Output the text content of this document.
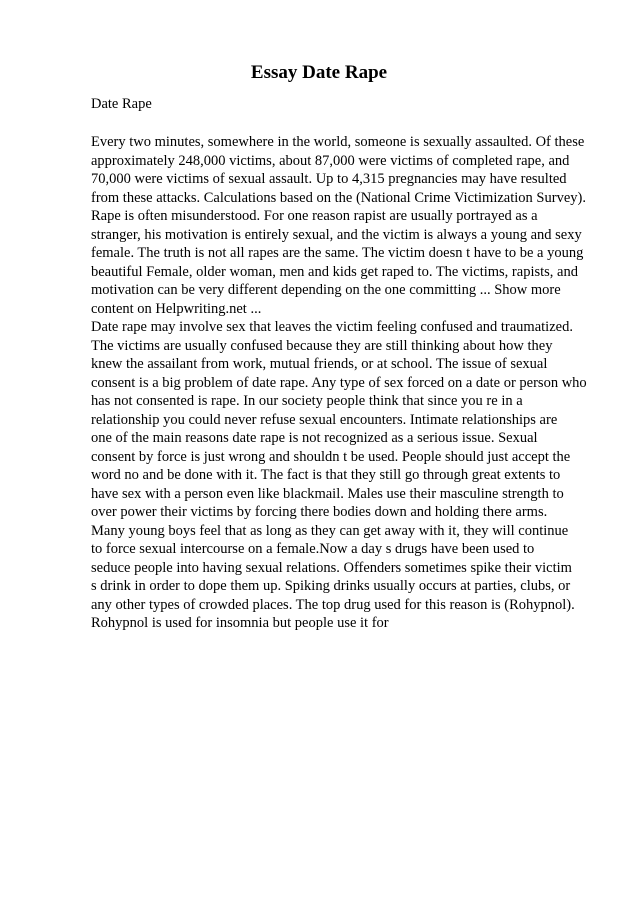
Essay Date Rape
Date Rape
Every two minutes, somewhere in the world, someone is sexually assaulted. Of these
approximately 248,000 victims, about 87,000 were victims of completed rape, and
70,000 were victims of sexual assault. Up to 4,315 pregnancies may have resulted
from these attacks. Calculations based on the (National Crime Victimization Survey).
Rape is often misunderstood. For one reason rapist are usually portrayed as a
stranger, his motivation is entirely sexual, and the victim is always a young and sexy
female. The truth is not all rapes are the same. The victim doesn t have to be a young
beautiful Female, older woman, men and kids get raped to. The victims, rapists, and
motivation can be very different depending on the one committing ... Show more
content on Helpwriting.net ...
Date rape may involve sex that leaves the victim feeling confused and traumatized.
The victims are usually confused because they are still thinking about how they
knew the assailant from work, mutual friends, or at school. The issue of sexual
consent is a big problem of date rape. Any type of sex forced on a date or person who
has not consented is rape. In our society people think that since you re in a
relationship you could never refuse sexual encounters. Intimate relationships are
one of the main reasons date rape is not recognized as a serious issue. Sexual
consent by force is just wrong and shouldn t be used. People should just accept the
word no and be done with it. The fact is that they still go through great extents to
have sex with a person even like blackmail. Males use their masculine strength to
over power their victims by forcing there bodies down and holding there arms.
Many young boys feel that as long as they can get away with it, they will continue
to force sexual intercourse on a female.Now a day s drugs have been used to
seduce people into having sexual relations. Offenders sometimes spike their victim
s drink in order to dope them up. Spiking drinks usually occurs at parties, clubs, or
any other types of crowded places. The top drug used for this reason is (Rohypnol).
Rohypnol is used for insomnia but people use it for
